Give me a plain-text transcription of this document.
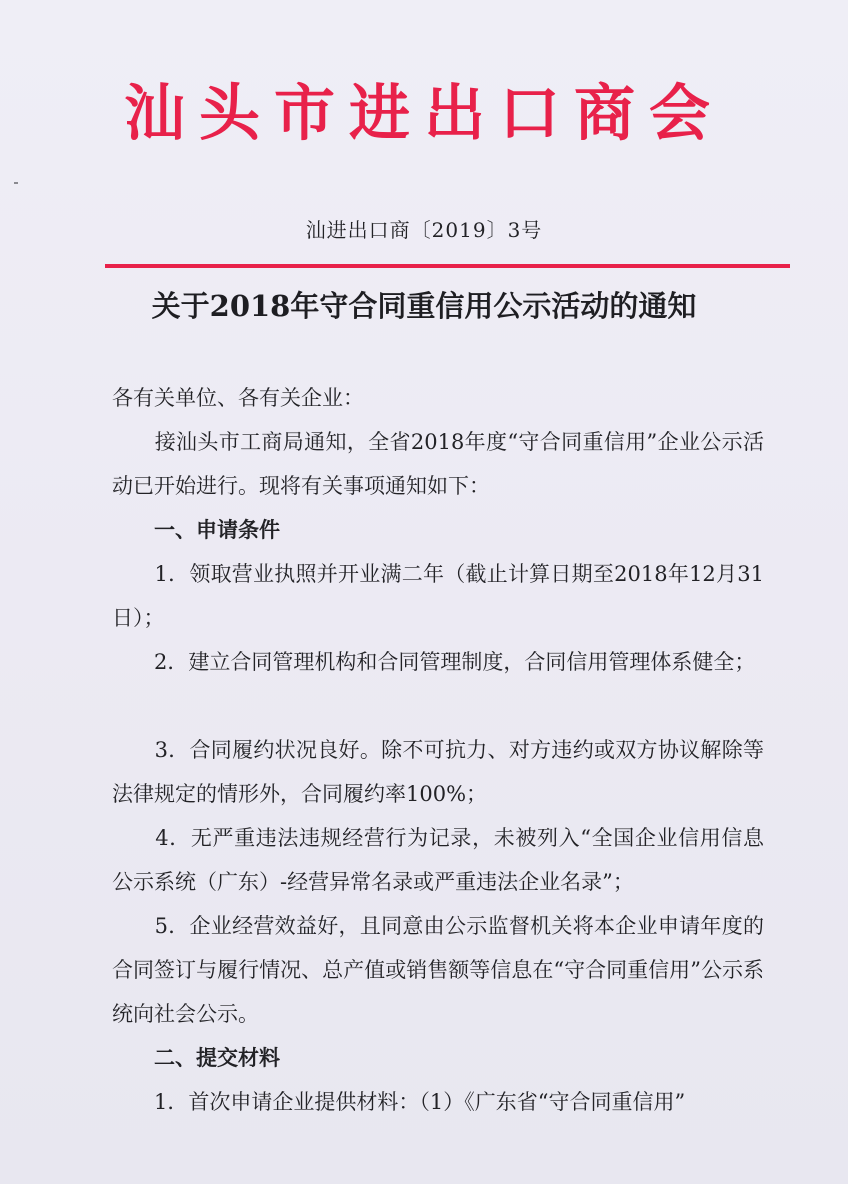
汕头市进出口商会
汕进出口商〔2019〕3号
关于2018年守合同重信用公示活动的通知

各有关单位、各有关企业：

　　接汕头市工商局通知，全省2018年度“守合同重信用”企业公示活动已开始进行。现将有关事项通知如下：

　　一、申请条件

　　1．领取营业执照并开业满二年（截止计算日期至2018年12月31日）；

　　2．建立合同管理机构和合同管理制度，合同信用管理体系健全；

　　3．合同履约状况良好。除不可抗力、对方违约或双方协议解除等法律规定的情形外，合同履约率100%；

　　4．无严重违法违规经营行为记录，未被列入“全国企业信用信息公示系统（广东）-经营异常名录或严重违法企业名录”；

　　5．企业经营效益好，且同意由公示监督机关将本企业申请年度的合同签订与履行情况、总产值或销售额等信息在“守合同重信用”公示系统向社会公示。

　　二、提交材料

　　1．首次申请企业提供材料：（1）《广东省“守合同重信用”
